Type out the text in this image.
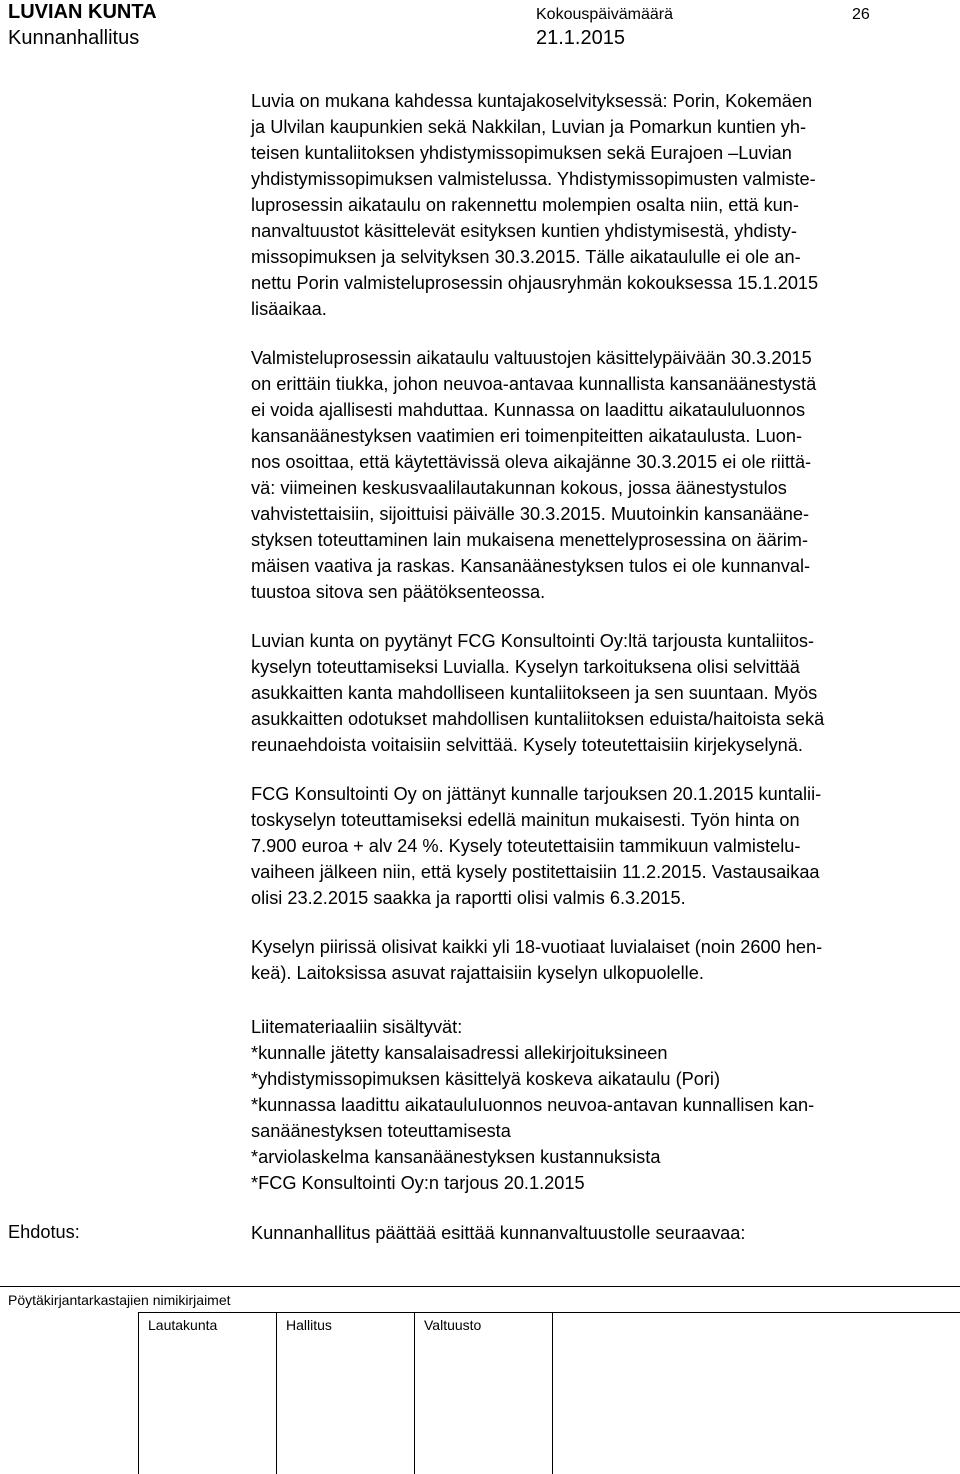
LUVIAN KUNTA
Kunnanhallitus
Kokouspäivämäärä
21.1.2015
26
Luvia on mukana kahdessa kuntajakoselvityksessä: Porin, Kokemäen
ja Ulvilan kaupunkien sekä Nakkilan, Luvian ja Pomarkun kuntien yh-
teisen kuntaliitoksen yhdistymissopimuksen sekä Eurajoen –Luvian
yhdistymissopimuksen valmistelussa. Yhdistymissopimusten valmiste-
luprosessin aikataulu on rakennettu molempien osalta niin, että kun-
nanvaltuustot käsittelevät esityksen kuntien yhdistymisestä, yhdisty-
missopimuksen ja selvityksen 30.3.2015. Tälle aikataululle ei ole an-
nettu Porin valmisteluprosessin ohjausryhmän kokouksessa 15.1.2015
lisäaikaa.
Valmisteluprosessin aikataulu valtuustojen käsittelypäivään 30.3.2015
on erittäin tiukka, johon neuvoa-antavaa kunnallista kansanäänestystä
ei voida ajallisesti mahduttaa. Kunnassa on laadittu aikataululuonnos
kansanäänestyksen vaatimien eri toimenpiteitten aikataulusta. Luon-
nos osoittaa, että käytettävissä oleva aikajänne 30.3.2015 ei ole riittä-
vä: viimeinen keskusvaalilautakunnan kokous, jossa äänestystulos
vahvistettaisiin, sijoittuisi päivälle 30.3.2015. Muutoinkin kansanääne-
styksen toteuttaminen lain mukaisena menettelyprosessina on äärim-
mäisen vaativa ja raskas. Kansanäänestyksen tulos ei ole kunnanval-
tuustoa sitova sen päätöksenteossa.
Luvian kunta on pyytänyt FCG Konsultointi Oy:ltä tarjousta kuntaliitos-
kyselyn toteuttamiseksi Luvialla. Kyselyn tarkoituksena olisi selvittää
asukkaitten kanta mahdolliseen kuntaliitokseen ja sen suuntaan. Myös
asukkaitten odotukset mahdollisen kuntaliitoksen eduista/haitoista sekä
reunaehdoista voitaisiin selvittää. Kysely toteutettaisiin kirjekyselynä.
FCG Konsultointi Oy on jättänyt kunnalle tarjouksen 20.1.2015 kuntalii-
toskyselyn toteuttamiseksi edellä mainitun mukaisesti. Työn hinta on
7.900 euroa + alv 24 %. Kysely toteutettaisiin tammikuun valmistelu-
vaiheen jälkeen niin, että kysely postitettaisiin 11.2.2015. Vastausaikaa
olisi 23.2.2015 saakka ja raportti olisi valmis 6.3.2015.
Kyselyn piirissä olisivat kaikki yli 18-vuotiaat luvialaiset (noin 2600 hen-
keä). Laitoksissa asuvat rajattaisiin kyselyn ulkopuolelle.
Liitemateriaaliin sisältyvät:
*kunnalle jätetty kansalaisadressi allekirjoituksineen
*yhdistymissopimuksen käsittelyä koskeva aikataulu (Pori)
*kunnassa laadittu aikatauluIuonnos neuvoa-antavan kunnallisen kan-
sanäänestyksen toteuttamisesta
*arviolaskelma kansanäänestyksen kustannuksista
*FCG Konsultointi Oy:n tarjous 20.1.2015
Ehdotus:	Kunnanhallitus päättää esittää kunnanvaltuustolle seuraavaa:
Pöytäkirjantarkastajien nimikirjaimet
Lautakunta	Hallitus	Valtuusto
